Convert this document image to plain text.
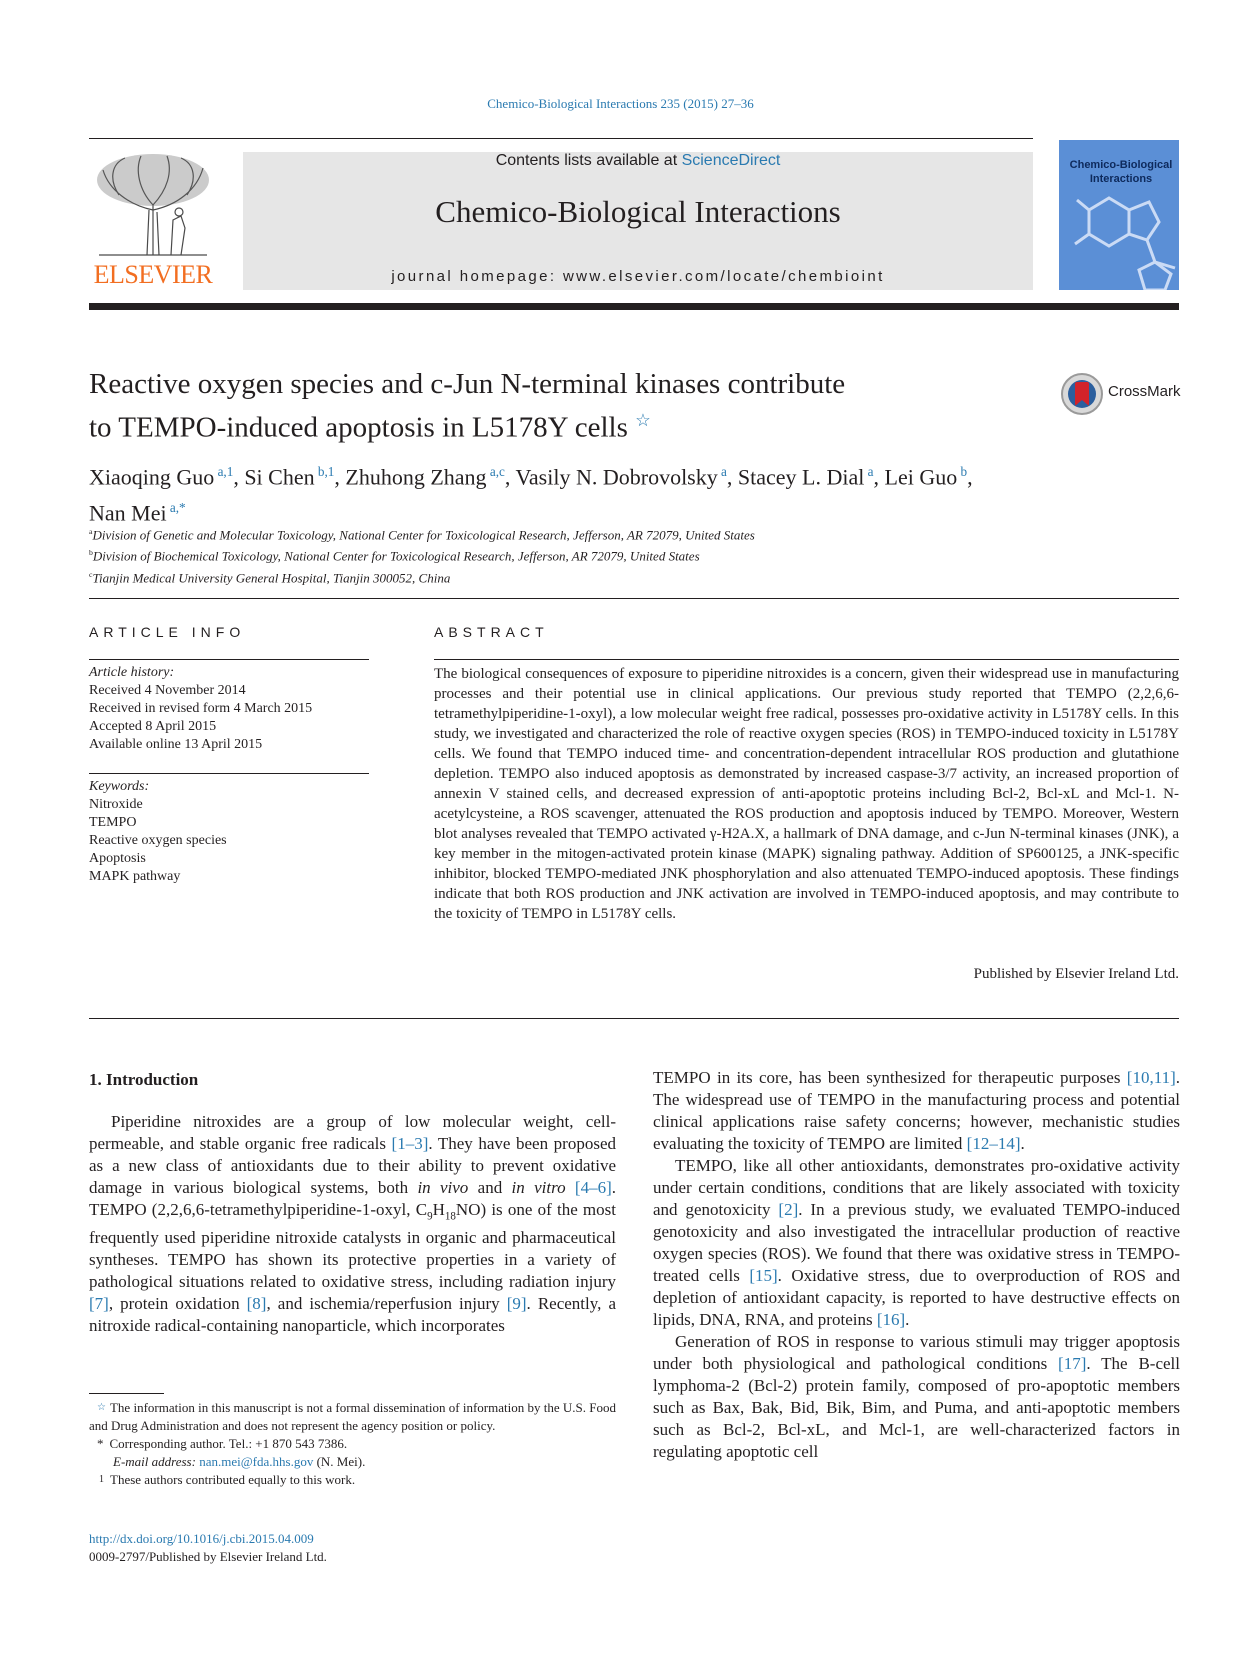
Chemico-Biological Interactions 235 (2015) 27–36
ELSEVIER
Contents lists available at ScienceDirect
Chemico-Biological Interactions
journal homepage: www.elsevier.com/locate/chembioint
Chemico-Biological
Interactions
Reactive oxygen species and c-Jun N-terminal kinases contribute
to TEMPO-induced apoptosis in L5178Y cells ☆
CrossMark
Xiaoqing Guo $^{a,1}$, Si Chen $^{b,1}$, Zhuhong Zhang $^{a,c}$, Vasily N. Dobrovolsky $^a$, Stacey L. Dial $^a$, Lei Guo $^b$,
Nan Mei $^{a,*}$
$^a$Division of Genetic and Molecular Toxicology, National Center for Toxicological Research, Jefferson, AR 72079, United States
$^b$Division of Biochemical Toxicology, National Center for Toxicological Research, Jefferson, AR 72079, United States
$^c$Tianjin Medical University General Hospital, Tianjin 300052, China
ARTICLE INFO
Article history:
Received 4 November 2014
Received in revised form 4 March 2015
Accepted 8 April 2015
Available online 13 April 2015
Keywords:
Nitroxide
TEMPO
Reactive oxygen species
Apoptosis
MAPK pathway
ABSTRACT
The biological consequences of exposure to piperidine nitroxides is a concern, given their widespread use in manufacturing processes and their potential use in clinical applications. Our previous study reported that TEMPO (2,2,6,6-tetramethylpiperidine-1-oxyl), a low molecular weight free radical, possesses pro-oxidative activity in L5178Y cells. In this study, we investigated and characterized the role of reactive oxygen species (ROS) in TEMPO-induced toxicity in L5178Y cells. We found that TEMPO induced time- and concentration-dependent intracellular ROS production and glutathione depletion. TEMPO also induced apoptosis as demonstrated by increased caspase-3/7 activity, an increased proportion of annexin V stained cells, and decreased expression of anti-apoptotic proteins including Bcl-2, Bcl-xL and Mcl-1. N-acetylcysteine, a ROS scavenger, attenuated the ROS production and apoptosis induced by TEMPO. Moreover, Western blot analyses revealed that TEMPO activated γ-H2A.X, a hallmark of DNA damage, and c-Jun N-terminal kinases (JNK), a key member in the mitogen-activated protein kinase (MAPK) signaling pathway. Addition of SP600125, a JNK-specific inhibitor, blocked TEMPO-mediated JNK phosphorylation and also attenuated TEMPO-induced apoptosis. These findings indicate that both ROS production and JNK activation are involved in TEMPO-induced apoptosis, and may contribute to the toxicity of TEMPO in L5178Y cells.
Published by Elsevier Ireland Ltd.
1. Introduction

Piperidine nitroxides are a group of low molecular weight, cell-permeable, and stable organic free radicals [1–3]. They have been proposed as a new class of antioxidants due to their ability to prevent oxidative damage in various biological systems, both in vivo and in vitro [4–6]. TEMPO (2,2,6,6-tetramethylpiperidine-1-oxyl, $C_9H_{18}NO$) is one of the most frequently used piperidine nitroxide catalysts in organic and pharmaceutical syntheses. TEMPO has shown its protective properties in a variety of pathological situations related to oxidative stress, including radiation injury [7], protein oxidation [8], and ischemia/reperfusion injury [9]. Recently, a nitroxide radical-containing nanoparticle, which incorporates

TEMPO in its core, has been synthesized for therapeutic purposes [10,11]. The widespread use of TEMPO in the manufacturing process and potential clinical applications raise safety concerns; however, mechanistic studies evaluating the toxicity of TEMPO are limited [12–14].

TEMPO, like all other antioxidants, demonstrates pro-oxidative activity under certain conditions, conditions that are likely associated with toxicity and genotoxicity [2]. In a previous study, we evaluated TEMPO-induced genotoxicity and also investigated the intracellular production of reactive oxygen species (ROS). We found that there was oxidative stress in TEMPO-treated cells [15]. Oxidative stress, due to overproduction of ROS and depletion of antioxidant capacity, is reported to have destructive effects on lipids, DNA, RNA, and proteins [16].

Generation of ROS in response to various stimuli may trigger apoptosis under both physiological and pathological conditions [17]. The B-cell lymphoma-2 (Bcl-2) protein family, composed of pro-apoptotic members such as Bax, Bak, Bid, Bik, Bim, and Puma, and anti-apoptotic members such as Bcl-2, Bcl-xL, and Mcl-1, are well-characterized factors in regulating apoptotic cell

☆ The information in this manuscript is not a formal dissemination of information by the U.S. Food and Drug Administration and does not represent the agency position or policy.

* Corresponding author. Tel.: +1 870 543 7386.

E-mail address: nan.mei@fda.hhs.gov (N. Mei).

$^1$ These authors contributed equally to this work.

http://dx.doi.org/10.1016/j.cbi.2015.04.009
0009-2797/Published by Elsevier Ireland Ltd.
